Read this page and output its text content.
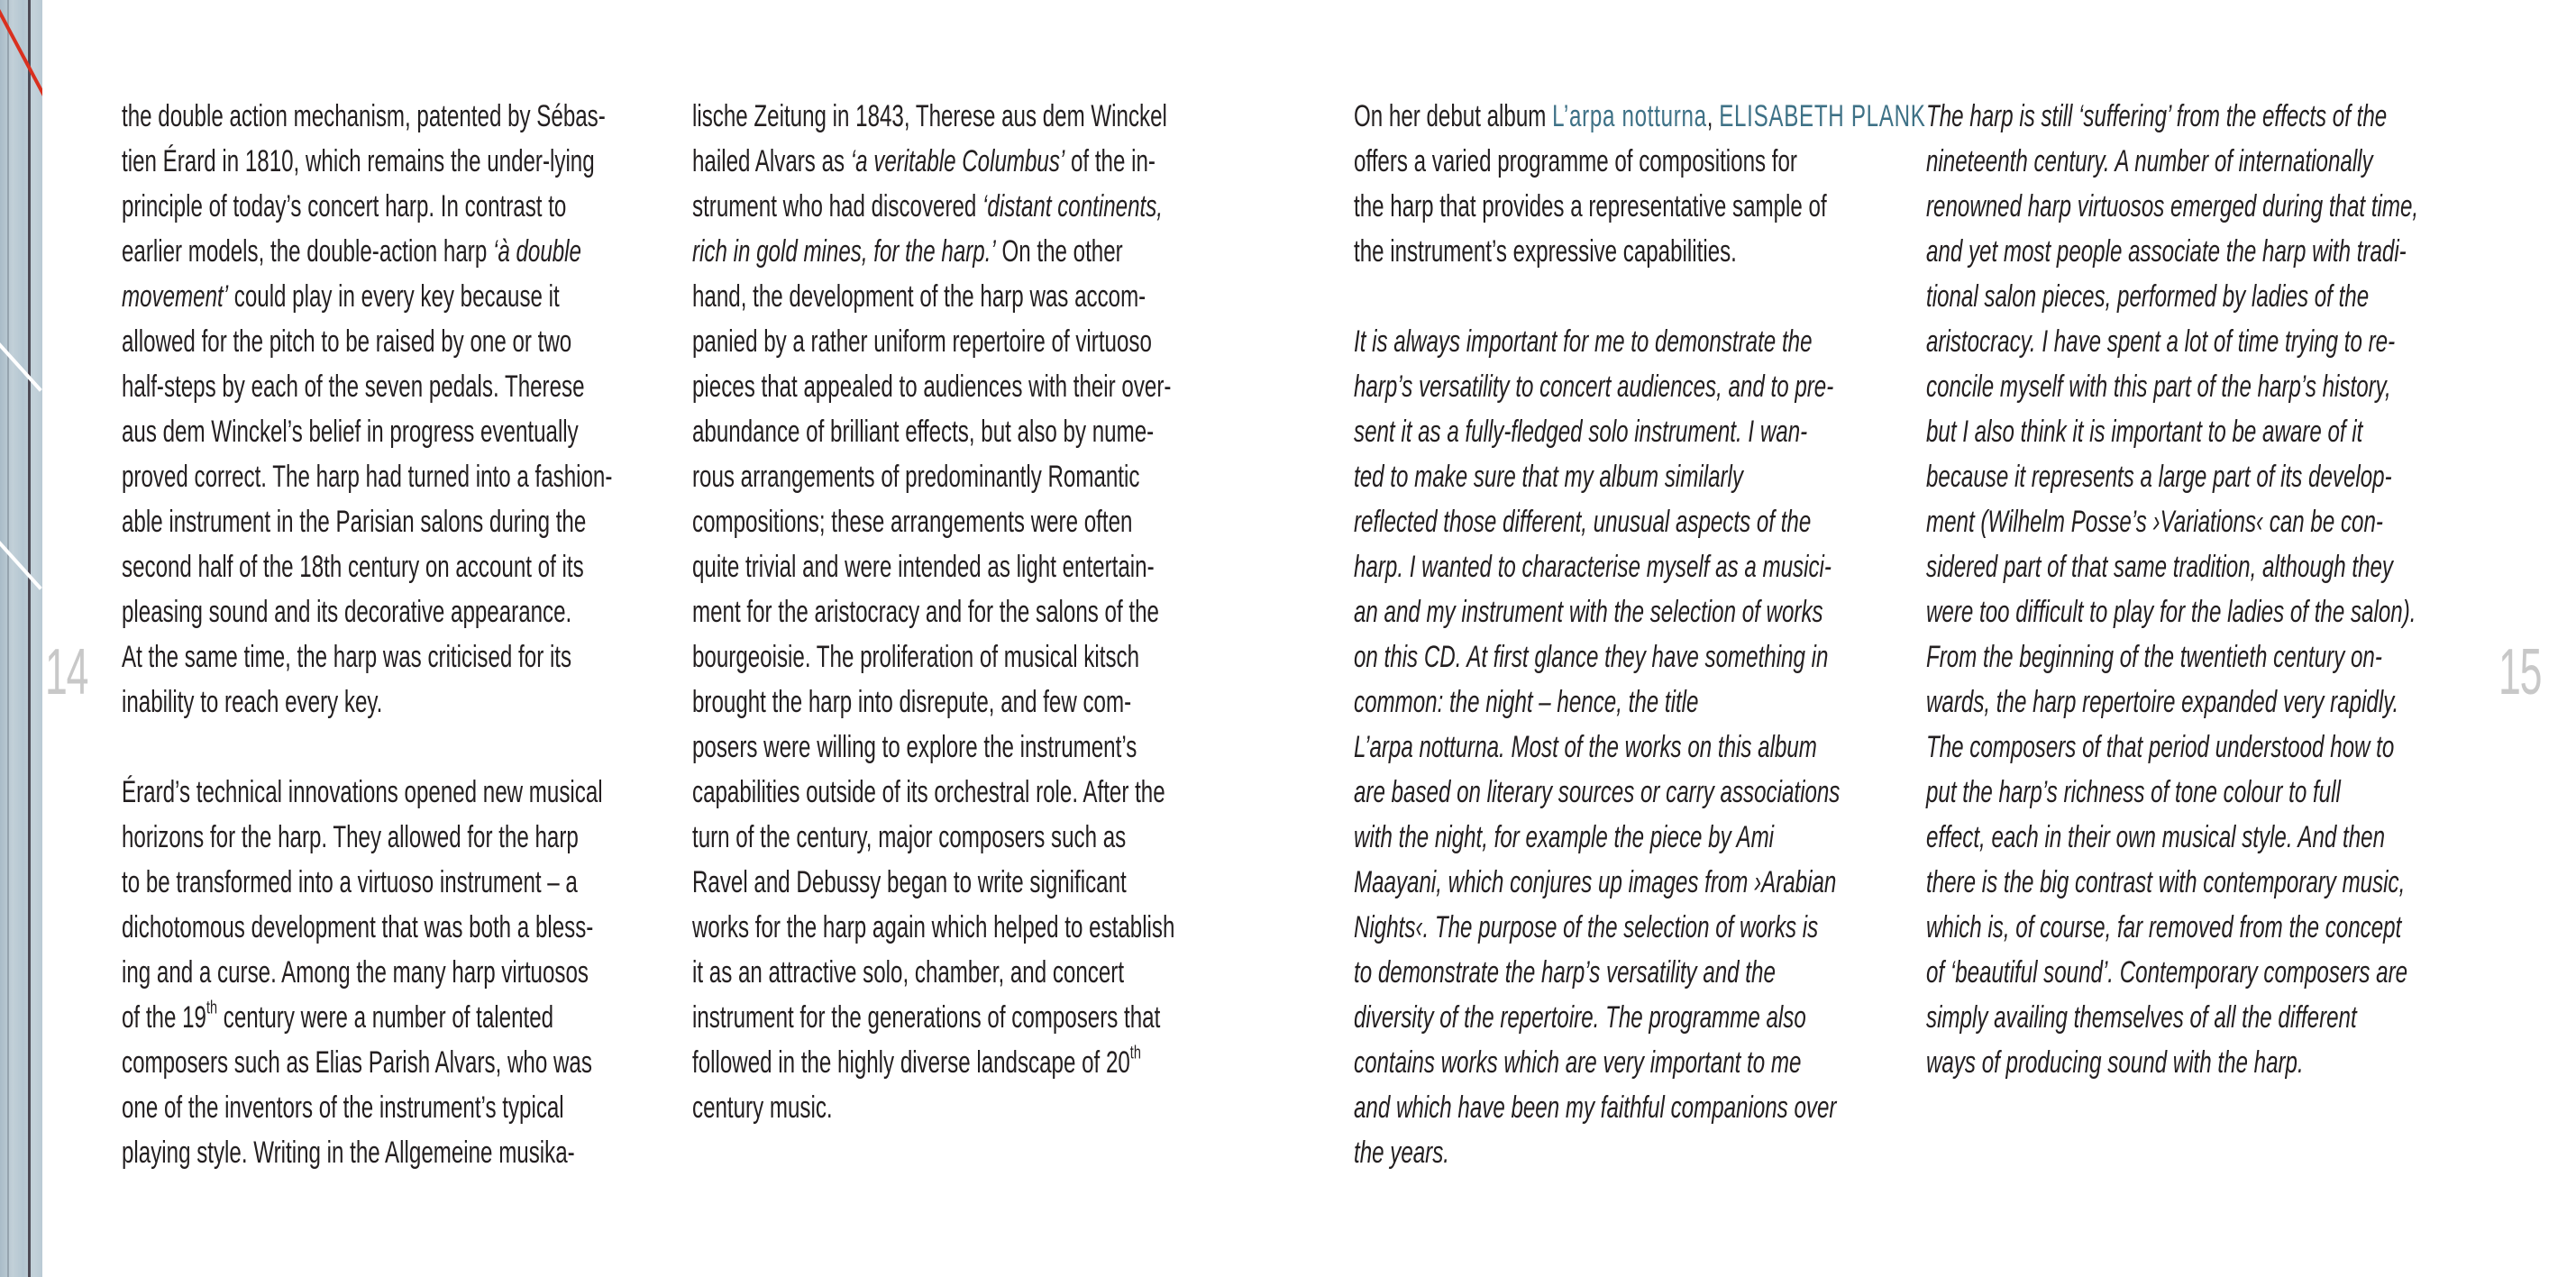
14	15
the double action mechanism, patented by Sébas-
tien Érard in 1810, which remains the under-lying
principle of today’s concert harp. In contrast to
earlier models, the double-action harp ‘à double
movement’ could play in every key because it
allowed for the pitch to be raised by one or two
half-steps by each of the seven pedals. Therese
aus dem Winckel’s belief in progress eventually
proved correct. The harp had turned into a fashion-
able instrument in the Parisian salons during the
second half of the 18th century on account of its
pleasing sound and its decorative appearance.
At the same time, the harp was criticised for its
inability to reach every key.
Érard’s technical innovations opened new musical
horizons for the harp. They allowed for the harp
to be transformed into a virtuoso instrument – a
dichotomous development that was both a bless-
ing and a curse. Among the many harp virtuosos
of the 19th century were a number of talented
composers such as Elias Parish Alvars, who was
one of the inventors of the instrument’s typical
playing style. Writing in the Allgemeine musika-
lische Zeitung in 1843, Therese aus dem Winckel
hailed Alvars as ‘a veritable Columbus’ of the in-
strument who had discovered ‘distant continents,
rich in gold mines, for the harp.’ On the other
hand, the development of the harp was accom-
panied by a rather uniform repertoire of virtuoso
pieces that appealed to audiences with their over-
abundance of brilliant effects, but also by nume-
rous arrangements of predominantly Romantic
compositions; these arrangements were often
quite trivial and were intended as light entertain-
ment for the aristocracy and for the salons of the
bourgeoisie. The proliferation of musical kitsch
brought the harp into disrepute, and few com-
posers were willing to explore the instrument’s
capabilities outside of its orchestral role. After the
turn of the century, major composers such as
Ravel and Debussy began to write significant
works for the harp again which helped to establish
it as an attractive solo, chamber, and concert
instrument for the generations of composers that
followed in the highly diverse landscape of 20th
century music.
On her debut album L’arpa notturna, ELISABETH PLANK
offers a varied programme of compositions for
the harp that provides a representative sample of
the instrument’s expressive capabilities.
It is always important for me to demonstrate the
harp’s versatility to concert audiences, and to pre-
sent it as a fully-fledged solo instrument. I wan-
ted to make sure that my album similarly
reflected those different, unusual aspects of the
harp. I wanted to characterise myself as a musici-
an and my instrument with the selection of works
on this CD. At first glance they have something in
common: the night – hence, the title
L’arpa notturna. Most of the works on this album
are based on literary sources or carry associations
with the night, for example the piece by Ami
Maayani, which conjures up images from ›Arabian
Nights‹. The purpose of the selection of works is
to demonstrate the harp’s versatility and the
diversity of the repertoire. The programme also
contains works which are very important to me
and which have been my faithful companions over
the years.
The harp is still ‘suffering’ from the effects of the
nineteenth century. A number of internationally
renowned harp virtuosos emerged during that time,
and yet most people associate the harp with tradi-
tional salon pieces, performed by ladies of the
aristocracy. I have spent a lot of time trying to re-
concile myself with this part of the harp’s history,
but I also think it is important to be aware of it
because it represents a large part of its develop-
ment (Wilhelm Posse’s ›Variations‹ can be con-
sidered part of that same tradition, although they
were too difficult to play for the ladies of the salon).
From the beginning of the twentieth century on-
wards, the harp repertoire expanded very rapidly.
The composers of that period understood how to
put the harp’s richness of tone colour to full
effect, each in their own musical style. And then
there is the big contrast with contemporary music,
which is, of course, far removed from the concept
of ‘beautiful sound’. Contemporary composers are
simply availing themselves of all the different
ways of producing sound with the harp.
